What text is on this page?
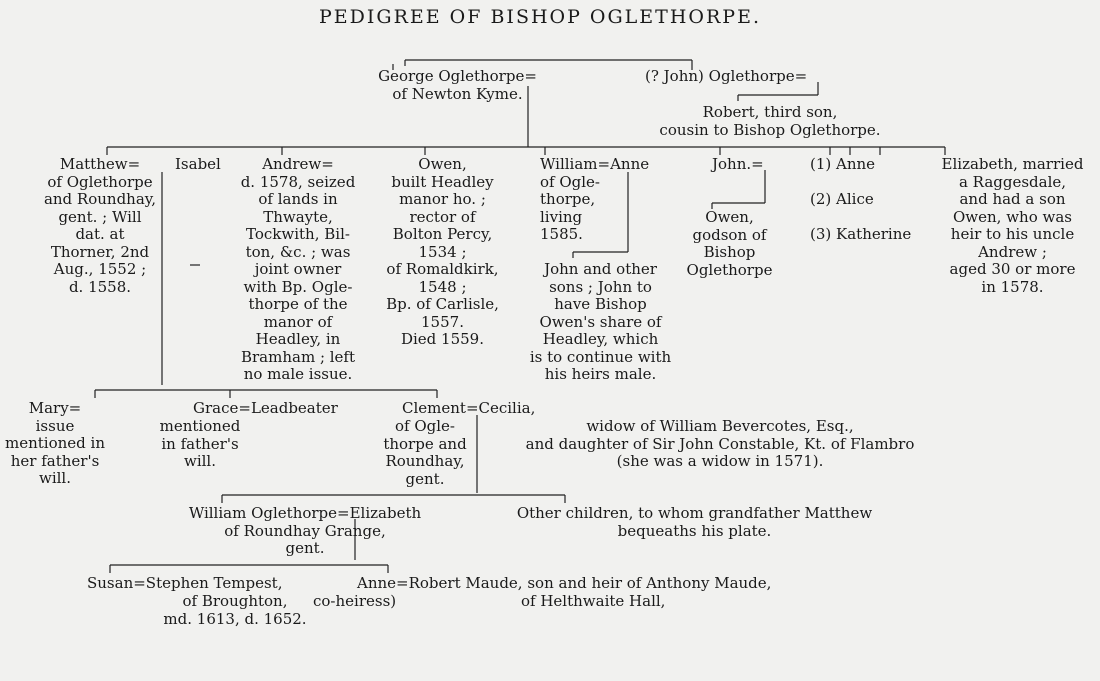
PEDIGREE OF BISHOP OGLETHORPE.
George Oglethorpe=
of Newton Kyme.
(? John) Oglethorpe=
Robert, third son,
cousin to Bishop Oglethorpe.
Matthew=
of Oglethorpe
and Roundhay,
gent. ; Will
dat. at
Thorner, 2nd
Aug., 1552 ;
d. 1558.
Isabel	Andrew=
d. 1578, seized
of lands in
Thwayte,
Tockwith, Bil-
ton, &c. ; was
joint owner
with Bp. Ogle-
thorpe of the
manor of
Headley, in
Bramham ; left
no male issue.
Owen,
built Headley
manor ho. ;
rector of
Bolton Percy,
1534 ;
of Romaldkirk,
1548 ;
Bp. of Carlisle,
1557.
Died 1559.
William=Anne
of Ogle-
thorpe,
living
1585.
John and other
sons ; John to
have Bishop
Owen's share of
Headley, which
is to continue with
his heirs male.
John.=
Owen,
godson of
Bishop
Oglethorpe
(1) Anne

(2) Alice

(3) Katherine
Elizabeth, married
a Raggesdale,
and had a son
Owen, who was
heir to his uncle
Andrew ;
aged 30 or more
in 1578.
Mary=
issue
mentioned in
her father's
will.
Grace=Leadbeater
mentioned
in father's
will.
Clement=Cecilia,
of Ogle-
thorpe and
Roundhay,
gent.
widow of William Bevercotes, Esq.,
and daughter of Sir John Constable, Kt. of Flambro
(she was a widow in 1571).
William Oglethorpe=Elizabeth
of Roundhay Grange,
gent.
Other children, to whom grandfather Matthew
bequeaths his plate.
Susan=Stephen Tempest,
of Broughton,
md. 1613, d. 1652.
Anne=Robert Maude, son and heir of Anthony Maude,
co-heiress)	of Helthwaite Hall,
